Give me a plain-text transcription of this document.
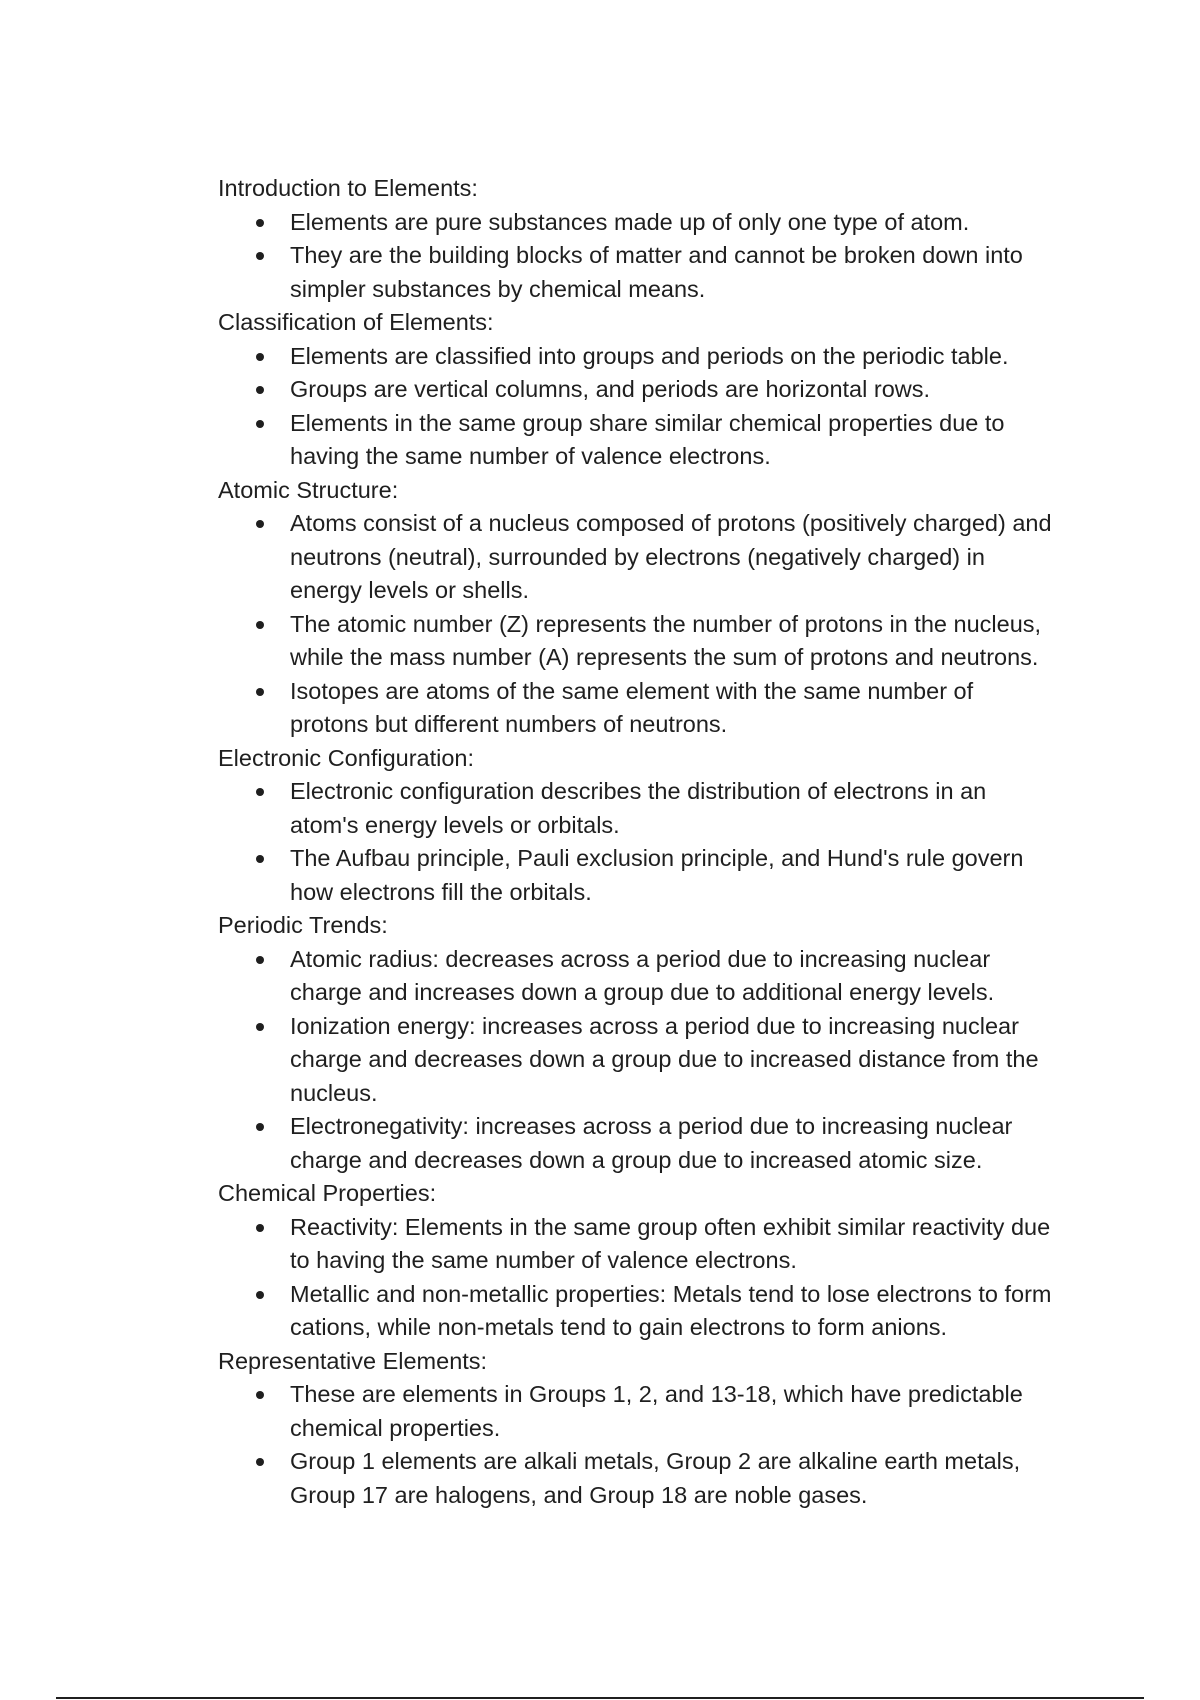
Introduction to Elements:

Elements are pure substances made up of only one type of atom.
They are the building blocks of matter and cannot be broken down into simpler substances by chemical means.

Classification of Elements:

Elements are classified into groups and periods on the periodic table.
Groups are vertical columns, and periods are horizontal rows.
Elements in the same group share similar chemical properties due to having the same number of valence electrons.

Atomic Structure:

Atoms consist of a nucleus composed of protons (positively charged) and neutrons (neutral), surrounded by electrons (negatively charged) in energy levels or shells.
The atomic number (Z) represents the number of protons in the nucleus, while the mass number (A) represents the sum of protons and neutrons.
Isotopes are atoms of the same element with the same number of protons but different numbers of neutrons.

Electronic Configuration:

Electronic configuration describes the distribution of electrons in an atom's energy levels or orbitals.
The Aufbau principle, Pauli exclusion principle, and Hund's rule govern how electrons fill the orbitals.

Periodic Trends:

Atomic radius: decreases across a period due to increasing nuclear charge and increases down a group due to additional energy levels.
Ionization energy: increases across a period due to increasing nuclear charge and decreases down a group due to increased distance from the nucleus.
Electronegativity: increases across a period due to increasing nuclear charge and decreases down a group due to increased atomic size.

Chemical Properties:

Reactivity: Elements in the same group often exhibit similar reactivity due to having the same number of valence electrons.
Metallic and non-metallic properties: Metals tend to lose electrons to form cations, while non-metals tend to gain electrons to form anions.

Representative Elements:

These are elements in Groups 1, 2, and 13-18, which have predictable chemical properties.
Group 1 elements are alkali metals, Group 2 are alkaline earth metals, Group 17 are halogens, and Group 18 are noble gases.
